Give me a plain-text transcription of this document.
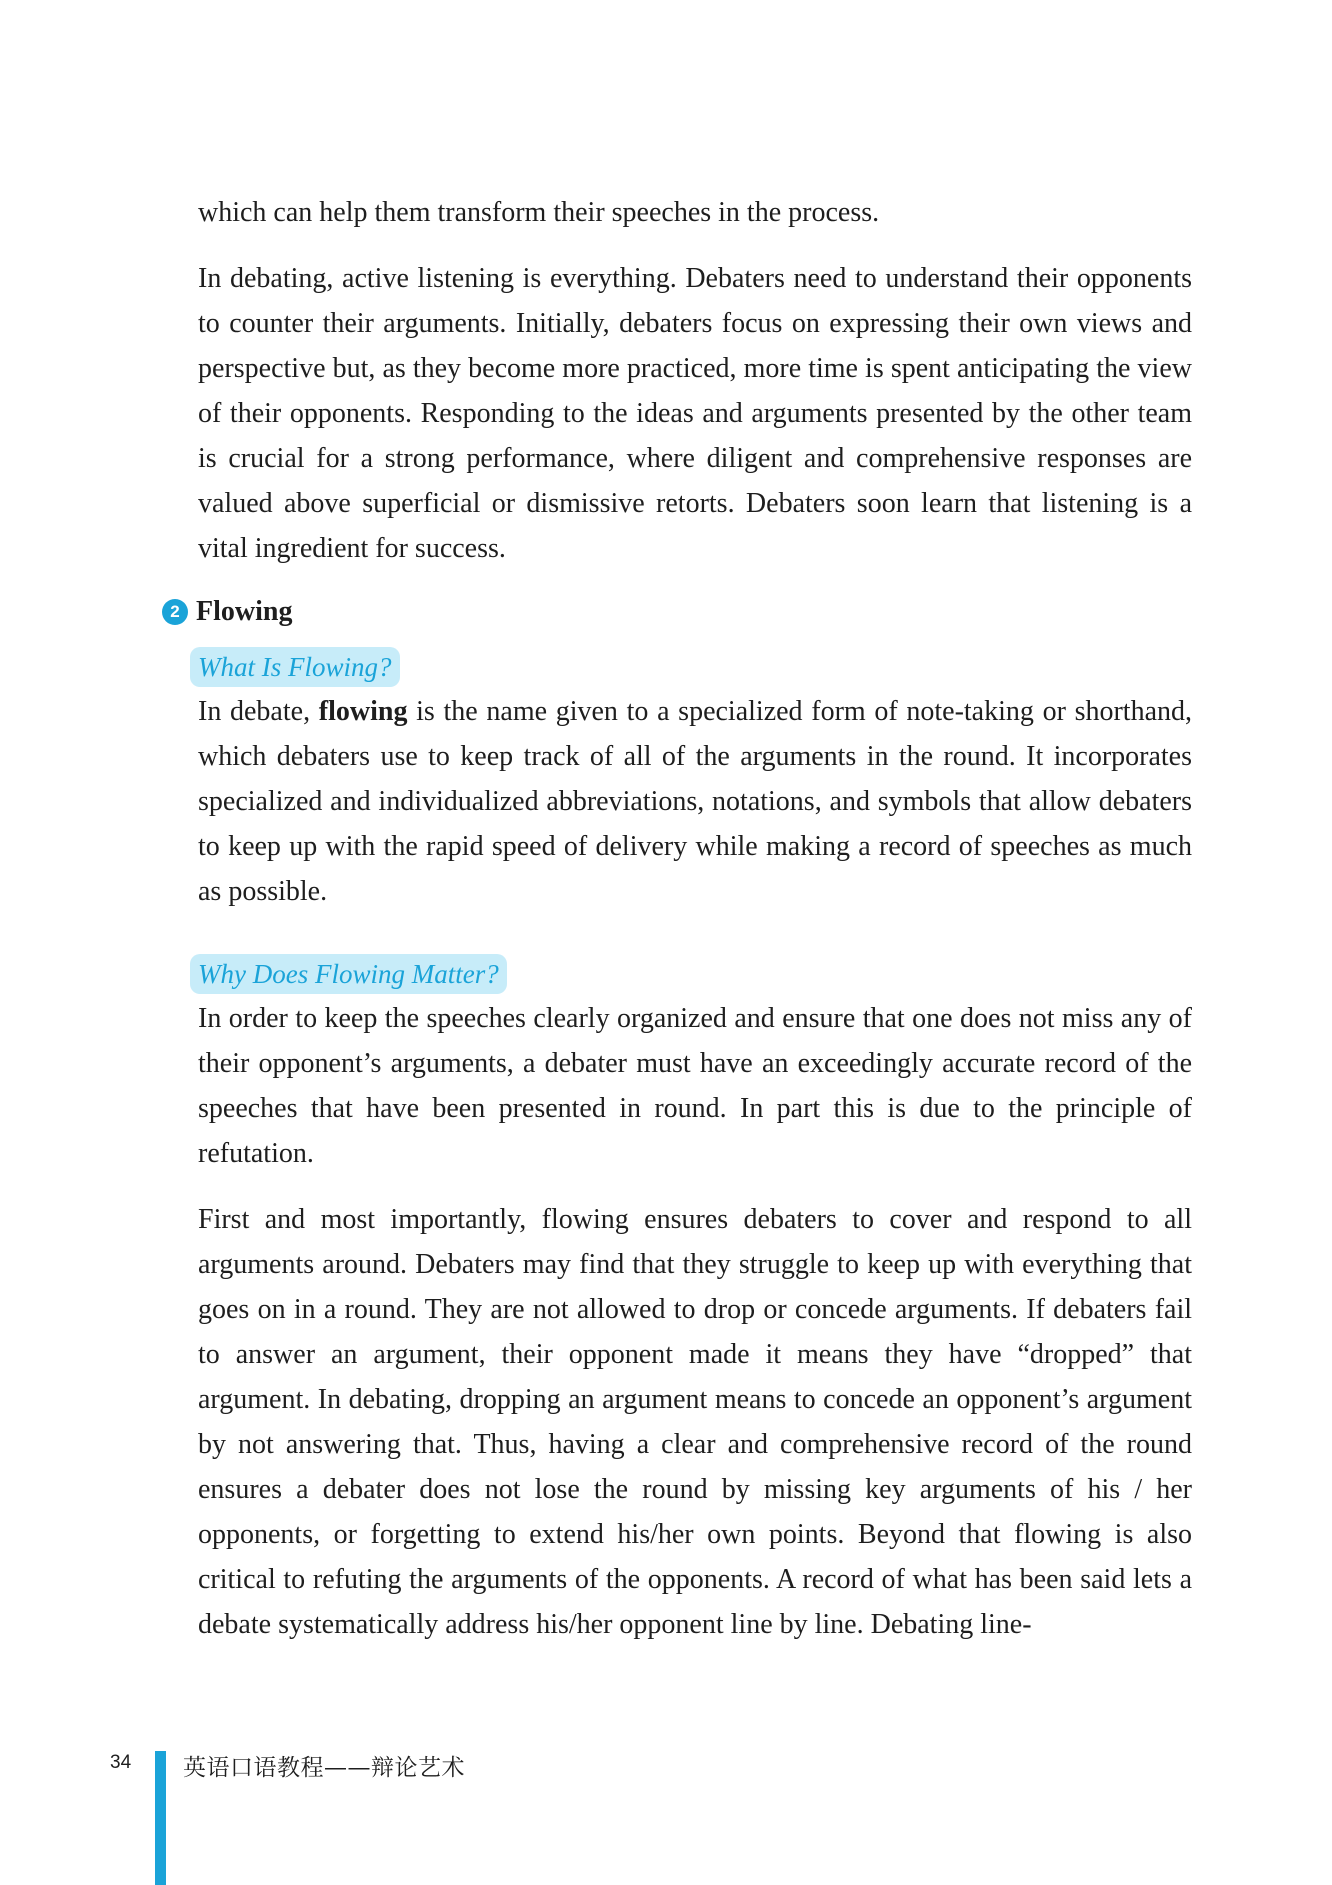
which can help them transform their speeches in the process.

In debating, active listening is everything. Debaters need to understand their opponents to counter their arguments. Initially, debaters focus on expressing their own views and perspective but, as they become more practiced, more time is spent anticipating the view of their opponents. Responding to the ideas and arguments presented by the other team is crucial for a strong performance, where diligent and comprehensive responses are valued above superficial or dismissive retorts. Debaters soon learn that listening is a vital ingredient for success.

2 Flowing
What Is Flowing?

In debate, flowing is the name given to a specialized form of note-taking or shorthand, which debaters use to keep track of all of the arguments in the round. It incorporates specialized and individualized abbreviations, notations, and symbols that allow debaters to keep up with the rapid speed of delivery while making a record of speeches as much as possible.

Why Does Flowing Matter?

In order to keep the speeches clearly organized and ensure that one does not miss any of their opponent’s arguments, a debater must have an exceedingly accurate record of the speeches that have been presented in round. In part this is due to the principle of refutation.

First and most importantly, flowing ensures debaters to cover and respond to all arguments around. Debaters may find that they struggle to keep up with everything that goes on in a round. They are not allowed to drop or concede arguments. If debaters fail to answer an argument, their opponent made it means they have “dropped” that argument. In debating, dropping an argument means to concede an opponent’s argument by not answering that. Thus, having a clear and comprehensive record of the round ensures a debater does not lose the round by missing key arguments of his / her opponents, or forgetting to extend his/her own points. Beyond that flowing is also critical to refuting the arguments of the opponents. A record of what has been said lets a debate systematically address his/her opponent line by line. Debating line-

34 英语口语教程——辩论艺术
